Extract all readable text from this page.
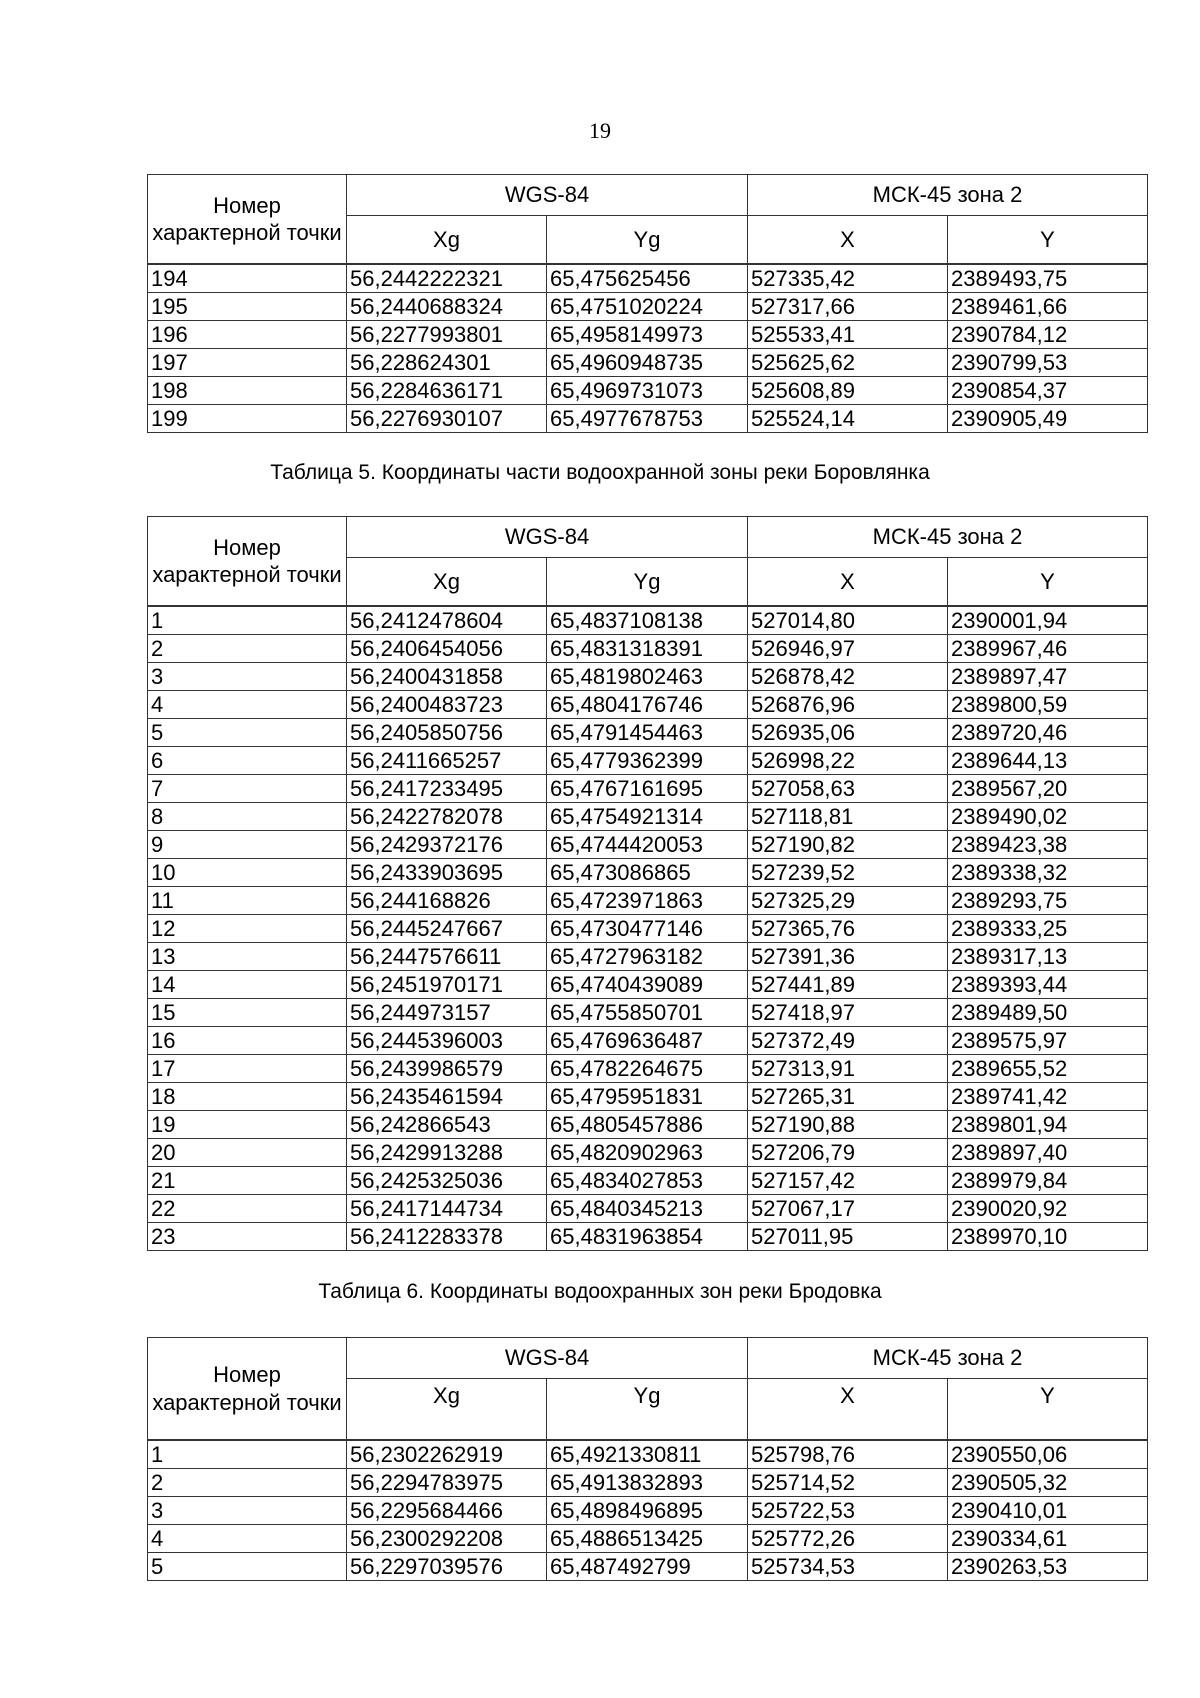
19
Номер характерной точки	WGS-84		МСК-45 зона 2	
	Xg	Yg	X	Y
194	56,2442222321	65,475625456	527335,42	2389493,75
195	56,2440688324	65,4751020224	527317,66	2389461,66
196	56,2277993801	65,4958149973	525533,41	2390784,12
197	56,228624301	65,4960948735	525625,62	2390799,53
198	56,2284636171	65,4969731073	525608,89	2390854,37
199	56,2276930107	65,4977678753	525524,14	2390905,49
Таблица 5. Координаты части водоохранной зоны реки Боровлянка
Номер характерной точки	WGS-84		МСК-45 зона 2	
	Xg	Yg	X	Y
1	56,2412478604	65,4837108138	527014,80	2390001,94
2	56,2406454056	65,4831318391	526946,97	2389967,46
3	56,2400431858	65,4819802463	526878,42	2389897,47
4	56,2400483723	65,4804176746	526876,96	2389800,59
5	56,2405850756	65,4791454463	526935,06	2389720,46
6	56,2411665257	65,4779362399	526998,22	2389644,13
7	56,2417233495	65,4767161695	527058,63	2389567,20
8	56,2422782078	65,4754921314	527118,81	2389490,02
9	56,2429372176	65,4744420053	527190,82	2389423,38
10	56,2433903695	65,473086865	527239,52	2389338,32
11	56,244168826	65,4723971863	527325,29	2389293,75
12	56,2445247667	65,4730477146	527365,76	2389333,25
13	56,2447576611	65,4727963182	527391,36	2389317,13
14	56,2451970171	65,4740439089	527441,89	2389393,44
15	56,244973157	65,4755850701	527418,97	2389489,50
16	56,2445396003	65,4769636487	527372,49	2389575,97
17	56,2439986579	65,4782264675	527313,91	2389655,52
18	56,2435461594	65,4795951831	527265,31	2389741,42
19	56,242866543	65,4805457886	527190,88	2389801,94
20	56,2429913288	65,4820902963	527206,79	2389897,40
21	56,2425325036	65,4834027853	527157,42	2389979,84
22	56,2417144734	65,4840345213	527067,17	2390020,92
23	56,2412283378	65,4831963854	527011,95	2389970,10
Таблица 6. Координаты водоохранных зон реки Бродовка
Номер характерной точки	WGS-84		МСК-45 зона 2	
	Xg	Yg	X	Y
1	56,2302262919	65,4921330811	525798,76	2390550,06
2	56,2294783975	65,4913832893	525714,52	2390505,32
3	56,2295684466	65,4898496895	525722,53	2390410,01
4	56,2300292208	65,4886513425	525772,26	2390334,61
5	56,2297039576	65,487492799	525734,53	2390263,53
